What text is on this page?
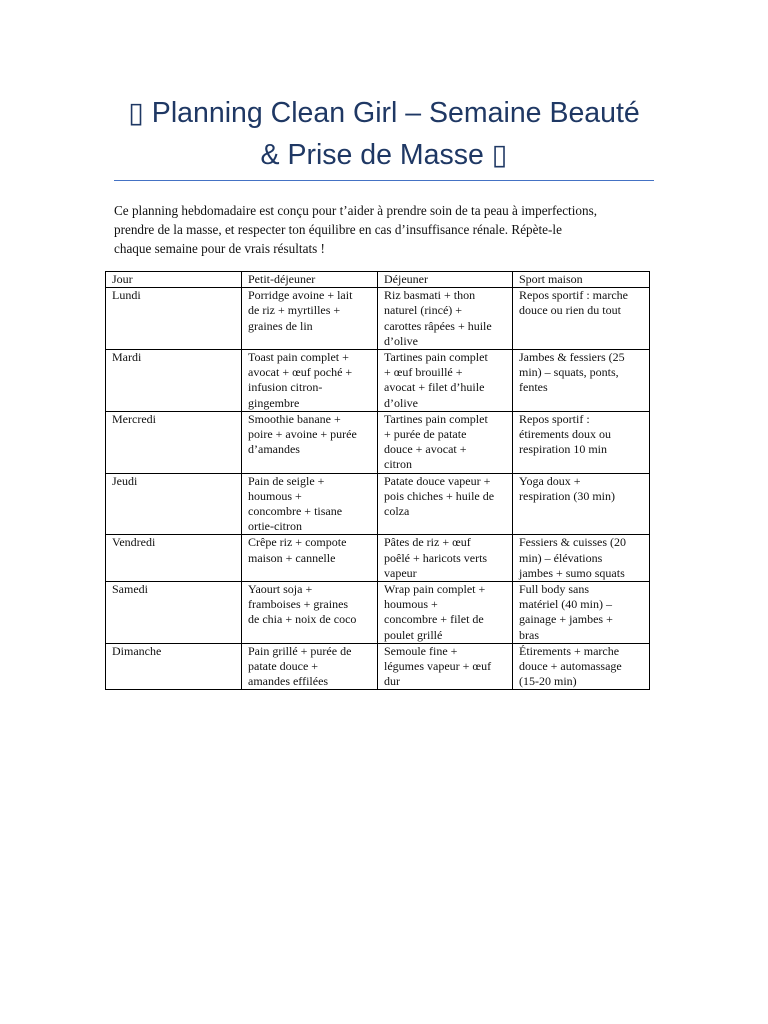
▯ Planning Clean Girl – Semaine Beauté
& Prise de Masse ▯

Ce planning hebdomadaire est conçu pour t’aider à prendre soin de ta peau à imperfections,
prendre de la masse, et respecter ton équilibre en cas d’insuffisance rénale. Répète-le
chaque semaine pour de vrais résultats !

Jour	Petit-déjeuner	Déjeuner	Sport maison

Lundi	Porridge avoine + lait
de riz + myrtilles +
graines de lin	Riz basmati + thon
naturel (rincé) +
carottes râpées + huile
d’olive	Repos sportif : marche
douce ou rien du tout

Mardi	Toast pain complet +
avocat + œuf poché +
infusion citron-
gingembre	Tartines pain complet
+ œuf brouillé +
avocat + filet d’huile
d’olive	Jambes & fessiers (25
min) – squats, ponts,
fentes

Mercredi	Smoothie banane +
poire + avoine + purée
d’amandes	Tartines pain complet
+ purée de patate
douce + avocat +
citron	Repos sportif :
étirements doux ou
respiration 10 min

Jeudi	Pain de seigle +
houmous +
concombre + tisane
ortie-citron	Patate douce vapeur +
pois chiches + huile de
colza	Yoga doux +
respiration (30 min)

Vendredi	Crêpe riz + compote
maison + cannelle	Pâtes de riz + œuf
poêlé + haricots verts
vapeur	Fessiers & cuisses (20
min) – élévations
jambes + sumo squats

Samedi	Yaourt soja +
framboises + graines
de chia + noix de coco	Wrap pain complet +
houmous +
concombre + filet de
poulet grillé	Full body sans
matériel (40 min) –
gainage + jambes +
bras

Dimanche	Pain grillé + purée de
patate douce +
amandes effilées	Semoule fine +
légumes vapeur + œuf
dur	Étirements + marche
douce + automassage
(15-20 min)
